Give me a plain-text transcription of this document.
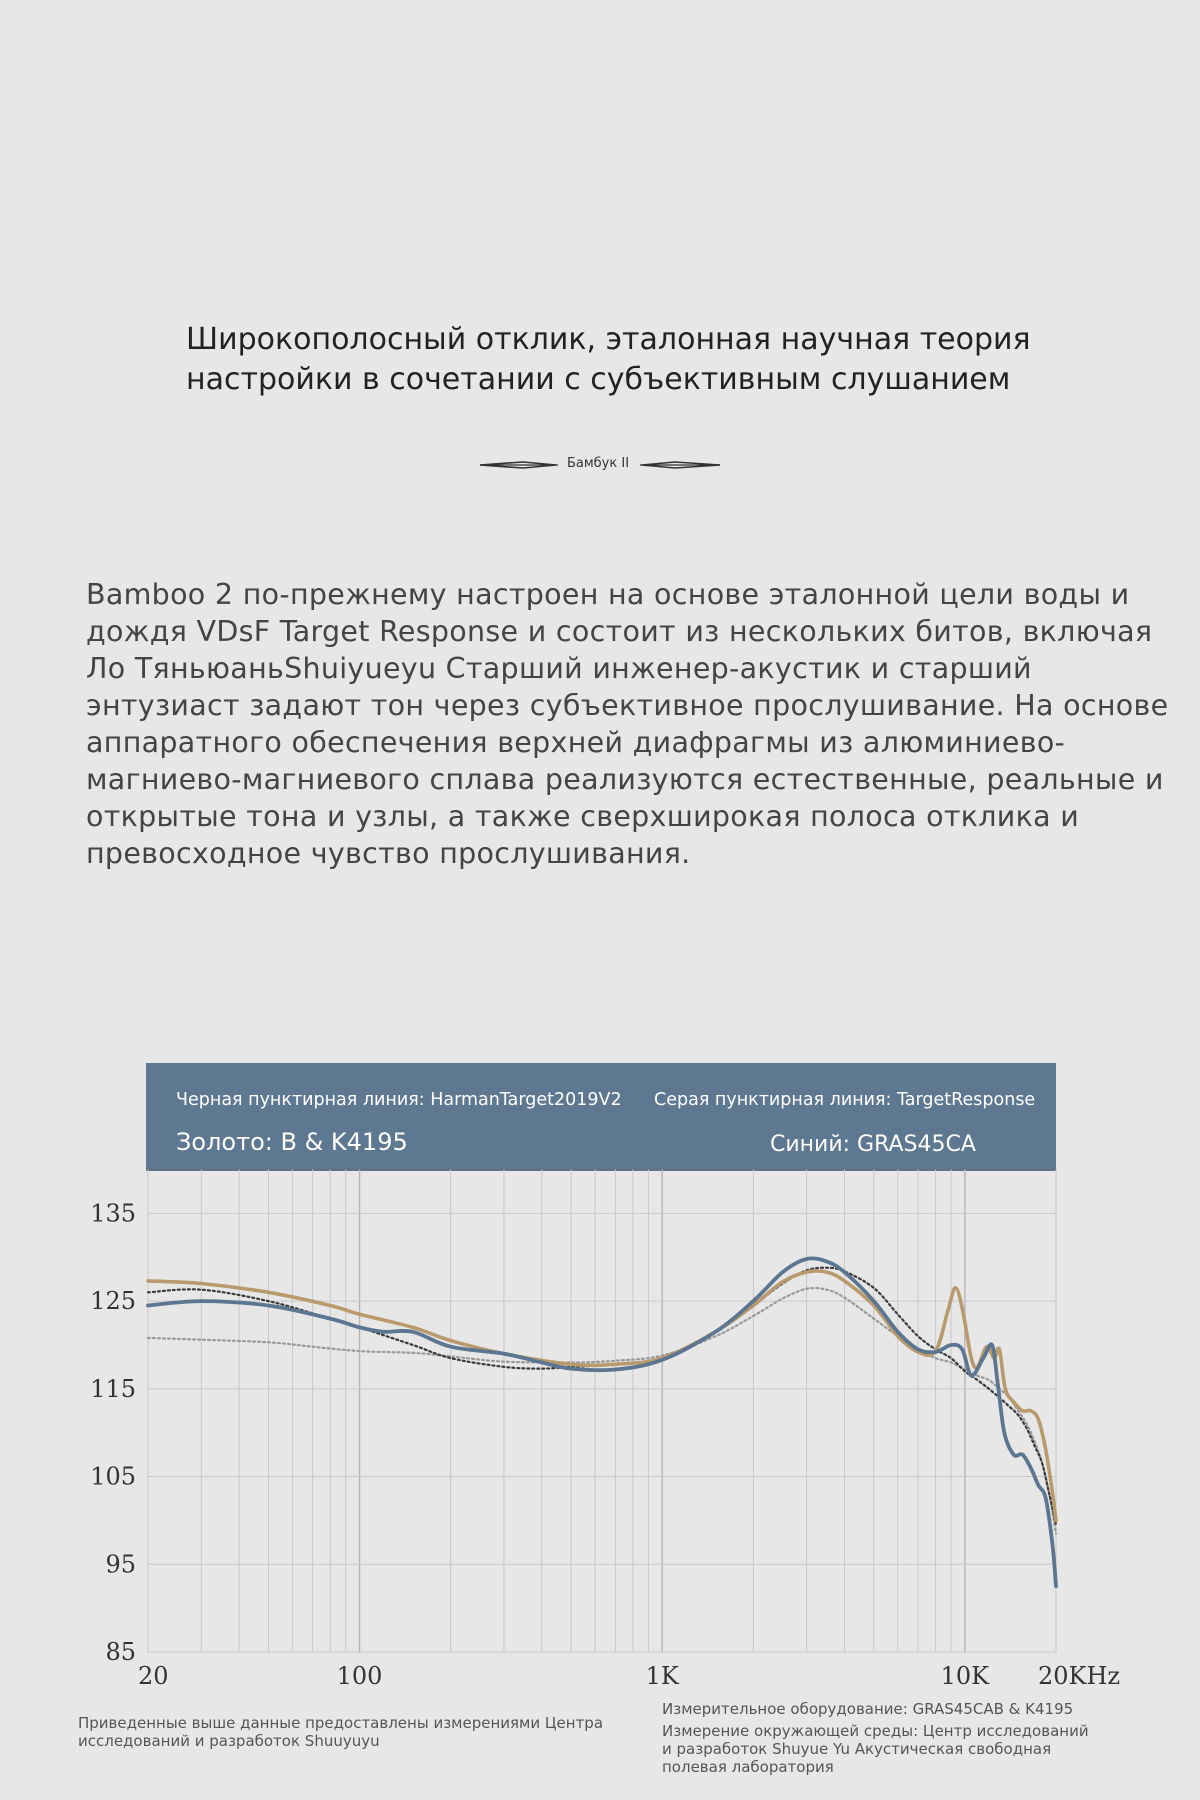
Широкополосный отклик, эталонная научная теория
настройки в сочетании с субъективным слушанием
Бамбук II
Bamboo 2 по-прежнему настроен на основе эталонной цели воды и дождя VDsF Target Response и состоит из нескольких битов, включая Ло ТяньюаньShuiyueyu Старший инженер-акустик и старший энтузиаст задают тон через субъективное прослушивание. На основе аппаратного обеспечения верхней диафрагмы из алюминиево-магниево-магниевого сплава реализуются естественные, реальные и открытые тона и узлы, а также сверхширокая полоса отклика и превосходное чувство прослушивания.
Черная пунктирная линия: HarmanTarget2019V2 Серая пунктирная линия: TargetResponse
Золото: B & K4195	Синий: GRAS45CA
135
125
115
105
95
85
20	100	1K	10K 20KHz
Приведенные выше данные предоставлены измерениями Центра исследований и разработок Shuuyuyu
Измерительное оборудование: GRAS45CAB & K4195
Измерение окружающей среды: Центр исследований и разработок Shuyue Yu Акустическая свободная полевая лаборатория
